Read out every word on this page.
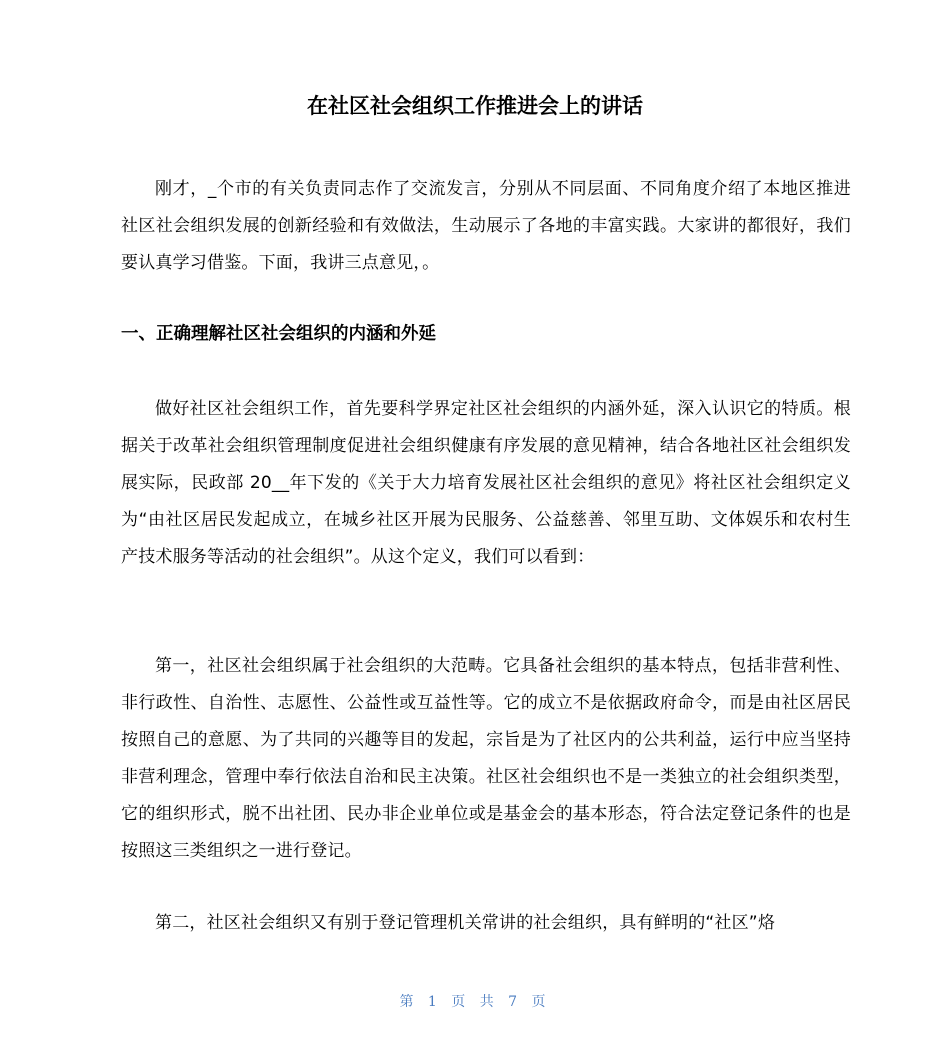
在社区社会组织工作推进会上的讲话

刚才，_个市的有关负责同志作了交流发言，分别从不同层面、不同角度介绍了本地区推进社区社会组织发展的创新经验和有效做法，生动展示了各地的丰富实践。大家讲的都很好，我们要认真学习借鉴。下面，我讲三点意见，。

一、正确理解社区社会组织的内涵和外延

做好社区社会组织工作，首先要科学界定社区社会组织的内涵外延，深入认识它的特质。根据关于改革社会组织管理制度促进社会组织健康有序发展的意见精神，结合各地社区社会组织发展实际，民政部 20__年下发的《关于大力培育发展社区社会组织的意见》将社区社会组织定义为“由社区居民发起成立，在城乡社区开展为民服务、公益慈善、邻里互助、文体娱乐和农村生产技术服务等活动的社会组织”。从这个定义，我们可以看到：

第一，社区社会组织属于社会组织的大范畴。它具备社会组织的基本特点，包括非营利性、非行政性、自治性、志愿性、公益性或互益性等。它的成立不是依据政府命令，而是由社区居民按照自己的意愿、为了共同的兴趣等目的发起，宗旨是为了社区内的公共利益，运行中应当坚持非营利理念，管理中奉行依法自治和民主决策。社区社会组织也不是一类独立的社会组织类型，它的组织形式，脱不出社团、民办非企业单位或是基金会的基本形态，符合法定登记条件的也是按照这三类组织之一进行登记。

第二，社区社会组织又有别于登记管理机关常讲的社会组织，具有鲜明的“社区”烙

第 1 页 共 7 页
